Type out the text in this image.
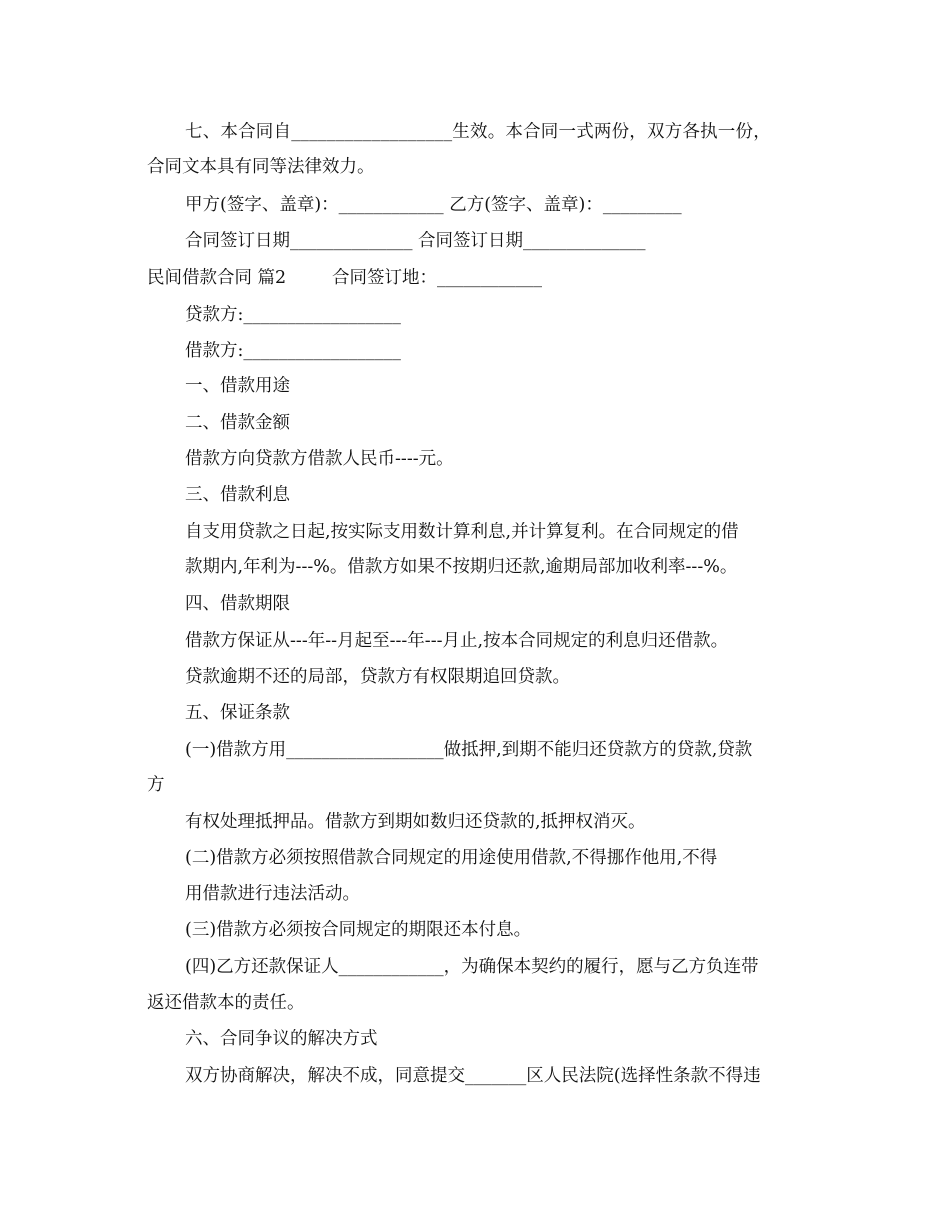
七、本合同自__________________生效。本合同一式两份，双方各执一份，
合同文本具有同等法律效力。
甲方(签字、盖章)：____________ 乙方(签字、盖章)：_________
合同签订日期______________ 合同签订日期______________
民间借款合同 篇2	合同签订地：____________
贷款方:__________________
借款方:__________________
一、借款用途
二、借款金额
借款方向贷款方借款人民币----元。
三、借款利息
自支用贷款之日起,按实际支用数计算利息,并计算复利。在合同规定的借
款期内,年利为---%。借款方如果不按期归还款,逾期局部加收利率---%。
四、借款期限
借款方保证从---年--月起至---年---月止,按本合同规定的利息归还借款。
贷款逾期不还的局部，贷款方有权限期追回贷款。
五、保证条款
(一)借款方用__________________做抵押,到期不能归还贷款方的贷款,贷款
方
有权处理抵押品。借款方到期如数归还贷款的,抵押权消灭。
(二)借款方必须按照借款合同规定的用途使用借款,不得挪作他用,不得
用借款进行违法活动。
(三)借款方必须按合同规定的期限还本付息。
(四)乙方还款保证人____________，为确保本契约的履行，愿与乙方负连带
返还借款本的责任。
六、合同争议的解决方式
双方协商解决，解决不成，同意提交_______区人民法院(选择性条款不得违
